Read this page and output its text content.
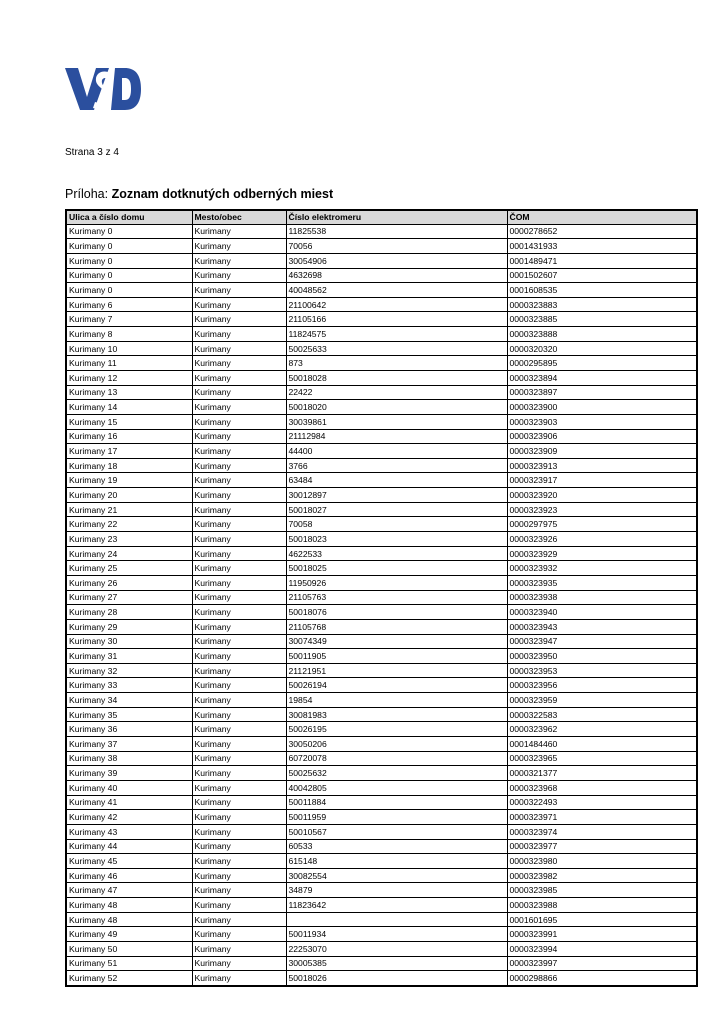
Strana 3 z 4
Príloha: Zoznam dotknutých odberných miest
Ulica a číslo domu	Mesto/obec	Číslo elektromeru	ČOM
Kurimany 0	Kurimany	11825538	0000278652
Kurimany 0	Kurimany	70056	0001431933
Kurimany 0	Kurimany	30054906	0001489471
Kurimany 0	Kurimany	4632698	0001502607
Kurimany 0	Kurimany	40048562	0001608535
Kurimany 6	Kurimany	21100642	0000323883
Kurimany 7	Kurimany	21105166	0000323885
Kurimany 8	Kurimany	11824575	0000323888
Kurimany 10	Kurimany	50025633	0000320320
Kurimany 11	Kurimany	873	0000295895
Kurimany 12	Kurimany	50018028	0000323894
Kurimany 13	Kurimany	22422	0000323897
Kurimany 14	Kurimany	50018020	0000323900
Kurimany 15	Kurimany	30039861	0000323903
Kurimany 16	Kurimany	21112984	0000323906
Kurimany 17	Kurimany	44400	0000323909
Kurimany 18	Kurimany	3766	0000323913
Kurimany 19	Kurimany	63484	0000323917
Kurimany 20	Kurimany	30012897	0000323920
Kurimany 21	Kurimany	50018027	0000323923
Kurimany 22	Kurimany	70058	0000297975
Kurimany 23	Kurimany	50018023	0000323926
Kurimany 24	Kurimany	4622533	0000323929
Kurimany 25	Kurimany	50018025	0000323932
Kurimany 26	Kurimany	11950926	0000323935
Kurimany 27	Kurimany	21105763	0000323938
Kurimany 28	Kurimany	50018076	0000323940
Kurimany 29	Kurimany	21105768	0000323943
Kurimany 30	Kurimany	30074349	0000323947
Kurimany 31	Kurimany	50011905	0000323950
Kurimany 32	Kurimany	21121951	0000323953
Kurimany 33	Kurimany	50026194	0000323956
Kurimany 34	Kurimany	19854	0000323959
Kurimany 35	Kurimany	30081983	0000322583
Kurimany 36	Kurimany	50026195	0000323962
Kurimany 37	Kurimany	30050206	0001484460
Kurimany 38	Kurimany	60720078	0000323965
Kurimany 39	Kurimany	50025632	0000321377
Kurimany 40	Kurimany	40042805	0000323968
Kurimany 41	Kurimany	50011884	0000322493
Kurimany 42	Kurimany	50011959	0000323971
Kurimany 43	Kurimany	50010567	0000323974
Kurimany 44	Kurimany	60533	0000323977
Kurimany 45	Kurimany	615148	0000323980
Kurimany 46	Kurimany	30082554	0000323982
Kurimany 47	Kurimany	34879	0000323985
Kurimany 48	Kurimany	11823642	0000323988
Kurimany 48	Kurimany		0001601695
Kurimany 49	Kurimany	50011934	0000323991
Kurimany 50	Kurimany	22253070	0000323994
Kurimany 51	Kurimany	30005385	0000323997
Kurimany 52	Kurimany	50018026	0000298866
